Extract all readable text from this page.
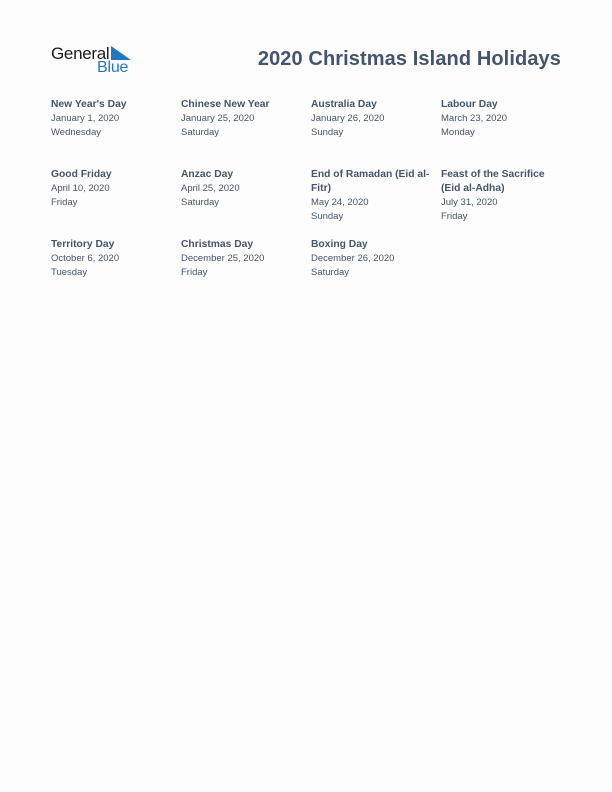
General
Blue	2020 Christmas Island Holidays
New Year's Day
January 1, 2020
Wednesday
Chinese New Year
January 25, 2020
Saturday
Australia Day
January 26, 2020
Sunday
Labour Day
March 23, 2020
Monday
Good Friday
April 10, 2020
Friday
Anzac Day
April 25, 2020
Saturday
End of Ramadan (Eid al-Fitr)
May 24, 2020
Sunday
Feast of the Sacrifice (Eid al-Adha)
July 31, 2020
Friday
Territory Day
October 6, 2020
Tuesday
Christmas Day
December 25, 2020
Friday
Boxing Day
December 26, 2020
Saturday
